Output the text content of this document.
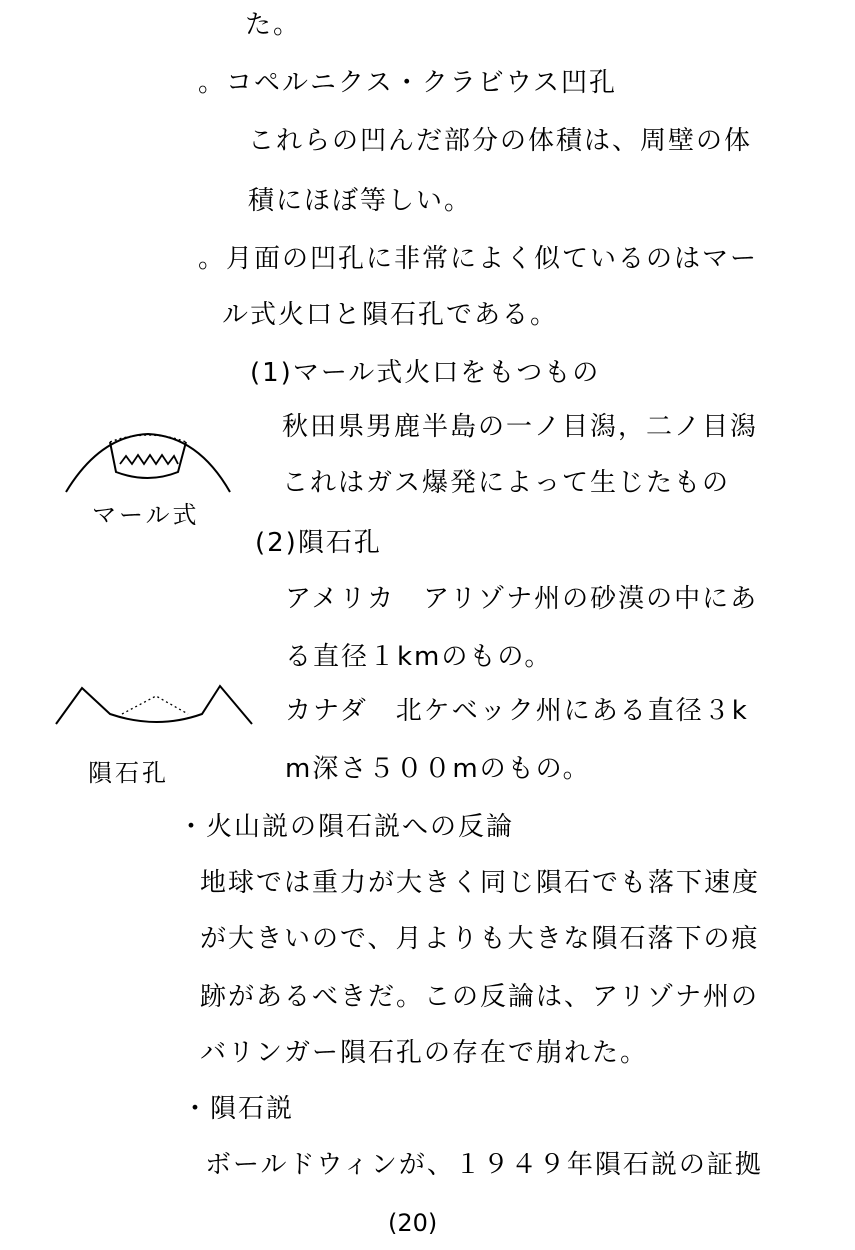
た。
。コペルニクス・クラビウス凹孔
これらの凹んだ部分の体積は、周壁の体
積にほぼ等しい。
。月面の凹孔に非常によく似ているのはマー
ル式火口と隕石孔である。
(1)マール式火口をもつもの
秋田県男鹿半島の一ノ目潟，二ノ目潟
これはガス爆発によって生じたもの
(2)隕石孔
アメリカ　アリゾナ州の砂漠の中にあ
る直径１kmのもの。
カナダ　北ケベック州にある直径３k
m深さ５００mのもの。
・火山説の隕石説への反論
地球では重力が大きく同じ隕石でも落下速度
が大きいので、月よりも大きな隕石落下の痕
跡があるべきだ。この反論は、アリゾナ州の
バリンガー隕石孔の存在で崩れた。
・隕石説
ボールドウィンが、１９４９年隕石説の証拠
マール式
隕石孔
(20)
